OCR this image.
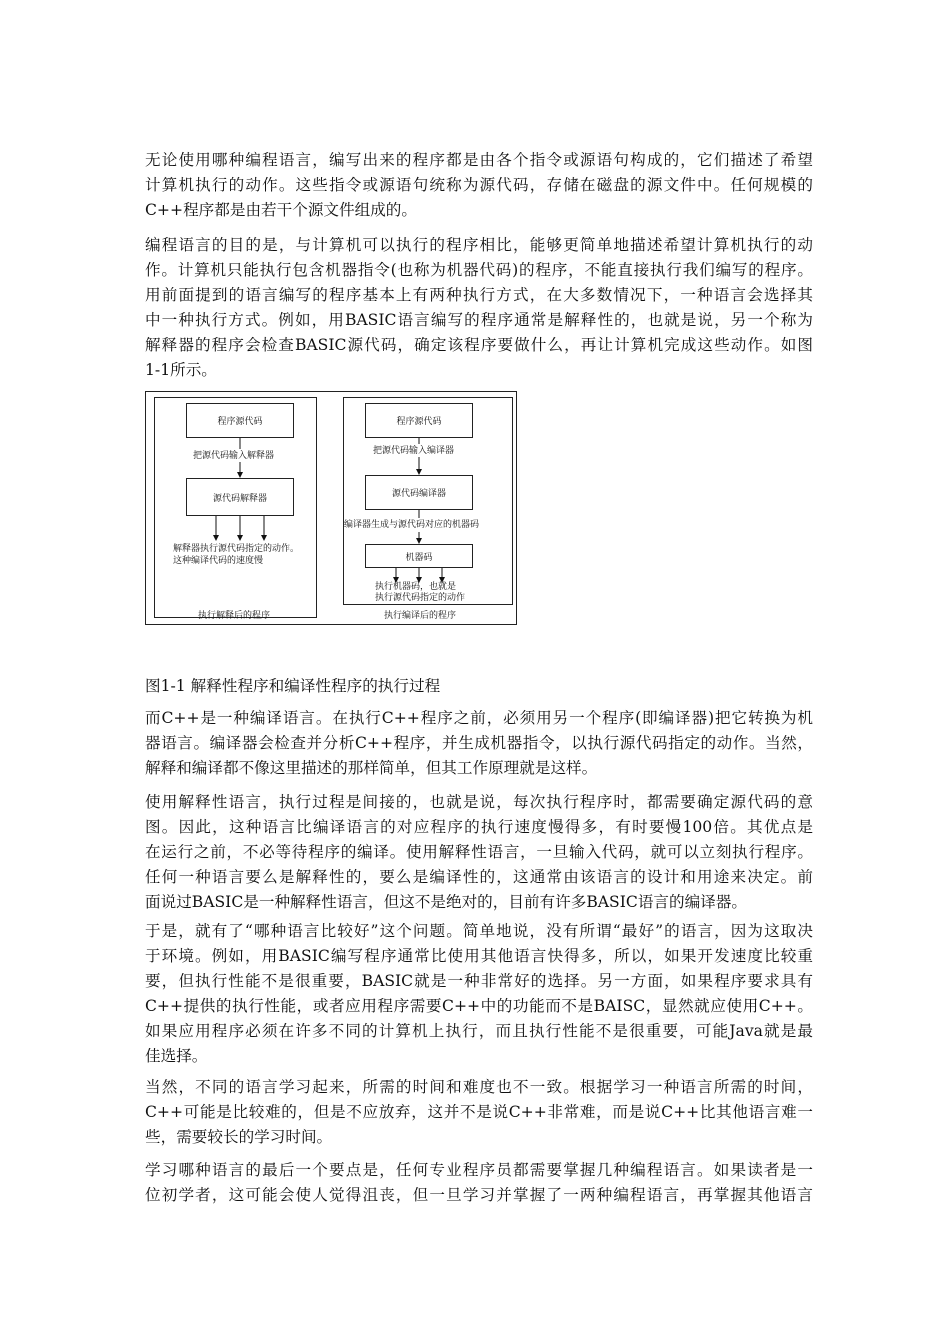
无论使用哪种编程语言，编写出来的程序都是由各个指令或源语句构成的，它们描述了希望
计算机执行的动作。这些指令或源语句统称为源代码，存储在磁盘的源文件中。任何规模的
C++程序都是由若干个源文件组成的。
编程语言的目的是，与计算机可以执行的程序相比，能够更简单地描述希望计算机执行的动
作。计算机只能执行包含机器指令(也称为机器代码)的程序，不能直接执行我们编写的程序。
用前面提到的语言编写的程序基本上有两种执行方式，在大多数情况下，一种语言会选择其
中一种执行方式。例如，用BASIC语言编写的程序通常是解释性的，也就是说，另一个称为
解释器的程序会检查BASIC源代码，确定该程序要做什么，再让计算机完成这些动作。如图
1-1所示。
程序源代码
把源代码输入解释器
源代码解释器
解释器执行源代码指定的动作。
这种编译代码的速度慢
执行解释后的程序
程序源代码
把源代码输入编译器
源代码编译器
编译器生成与源代码对应的机器码
机器码
执行机器码，也就是
执行源代码指定的动作
执行编译后的程序
图1-1 解释性程序和编译性程序的执行过程
而C++是一种编译语言。在执行C++程序之前，必须用另一个程序(即编译器)把它转换为机
器语言。编译器会检查并分析C++程序，并生成机器指令，以执行源代码指定的动作。当然，
解释和编译都不像这里描述的那样简单，但其工作原理就是这样。
使用解释性语言，执行过程是间接的，也就是说，每次执行程序时，都需要确定源代码的意
图。因此，这种语言比编译语言的对应程序的执行速度慢得多，有时要慢100倍。其优点是
在运行之前，不必等待程序的编译。使用解释性语言，一旦输入代码，就可以立刻执行程序。
任何一种语言要么是解释性的，要么是编译性的，这通常由该语言的设计和用途来决定。前
面说过BASIC是一种解释性语言，但这不是绝对的，目前有许多BASIC语言的编译器。
于是，就有了“哪种语言比较好”这个问题。简单地说，没有所谓“最好”的语言，因为这取决
于环境。例如，用BASIC编写程序通常比使用其他语言快得多，所以，如果开发速度比较重
要，但执行性能不是很重要，BASIC就是一种非常好的选择。另一方面，如果程序要求具有
C++提供的执行性能，或者应用程序需要C++中的功能而不是BAISC，显然就应使用C++。
如果应用程序必须在许多不同的计算机上执行，而且执行性能不是很重要，可能Java就是最
佳选择。
当然，不同的语言学习起来，所需的时间和难度也不一致。根据学习一种语言所需的时间，
C++可能是比较难的，但是不应放弃，这并不是说C++非常难，而是说C++比其他语言难一
些，需要较长的学习时间。
学习哪种语言的最后一个要点是，任何专业程序员都需要掌握几种编程语言。如果读者是一
位初学者，这可能会使人觉得沮丧，但一旦学习并掌握了一两种编程语言，再掌握其他语言
